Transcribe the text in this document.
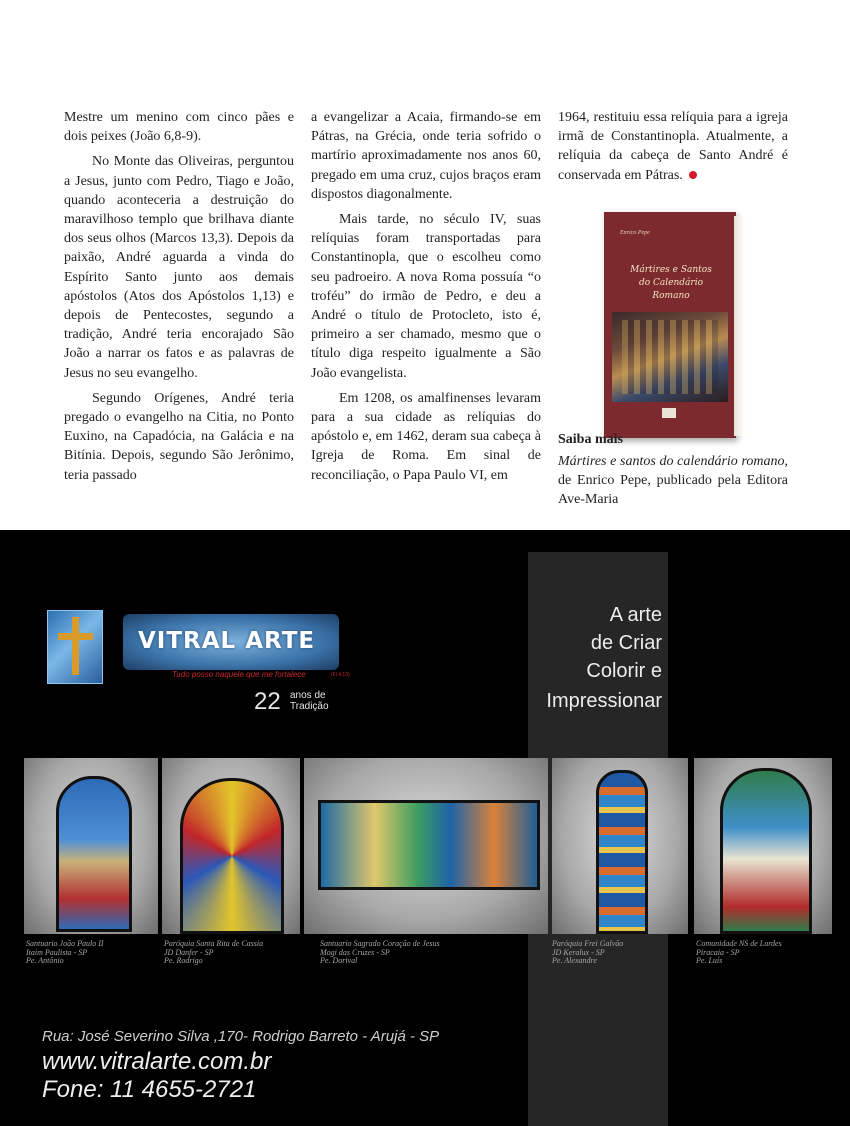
Mestre um menino com cinco pães e dois peixes (João 6,8-9).

No Monte das Oliveiras, perguntou a Jesus, junto com Pedro, Tiago e João, quando aconteceria a destruição do maravilhoso templo que brilhava diante dos seus olhos (Marcos 13,3). Depois da paixão, André aguarda a vinda do Espírito Santo junto aos demais apóstolos (Atos dos Apóstolos 1,13) e depois de Pentecostes, segundo a tradição, André teria encorajado São João a narrar os fatos e as palavras de Jesus no seu evangelho.

Segundo Orígenes, André teria pregado o evangelho na Citia, no Ponto Euxino, na Capadócia, na Galácia e na Bitínia. Depois, segundo São Jerônimo, teria passado

a evangelizar a Acaia, firmando-se em Pátras, na Grécia, onde teria sofrido o martírio aproximadamente nos anos 60, pregado em uma cruz, cujos braços eram dispostos diagonalmente.

Mais tarde, no século IV, suas relíquias foram transportadas para Constantinopla, que o escolheu como seu padroeiro. A nova Roma possuía “o troféu” do irmão de Pedro, e deu a André o título de Protocleto, isto é, primeiro a ser chamado, mesmo que o título diga respeito igualmente a São João evangelista.

Em 1208, os amalfinenses levaram para a sua cidade as relíquias do apóstolo e, em 1462, deram sua cabeça à Igreja de Roma. Em sinal de reconciliação, o Papa Paulo VI, em

1964, restituiu essa relíquia para a igreja irmã de Constantinopla. Atualmente, a relíquia da cabeça de Santo André é conservada em Pátras.

Enrico Pepe
Mártires e Santos
do Calendário
Romano
Saiba mais
Mártires e santos do calendário romano, de Enrico Pepe, publicado pela Editora Ave-Maria
VITRAL ARTE
Tudo posso naquele que me fortalece	(Fl 4,13)
22 anos de
Tradição
A arte
de Criar
Colorir e
Impressionar
Santuario João Paulo II
Itaim Paulista - SP
Pe. Antônio
Paróquia Santa Rita de Cassia
JD Danfer - SP
Pe. Rodrigo
Santuario Sagrado Coração de Jesus
Mogi das Cruzes - SP
Pe. Dorival
Paróquia Frei Galvão
JD Keralux - SP
Pe. Alexandre
Comunidade NS de Lurdes
Piracaia - SP
Pe. Luís
Rua: José Severino Silva ,170- Rodrigo Barreto - Arujá - SP
www.vitralarte.com.br
Fone: 11 4655-2721
